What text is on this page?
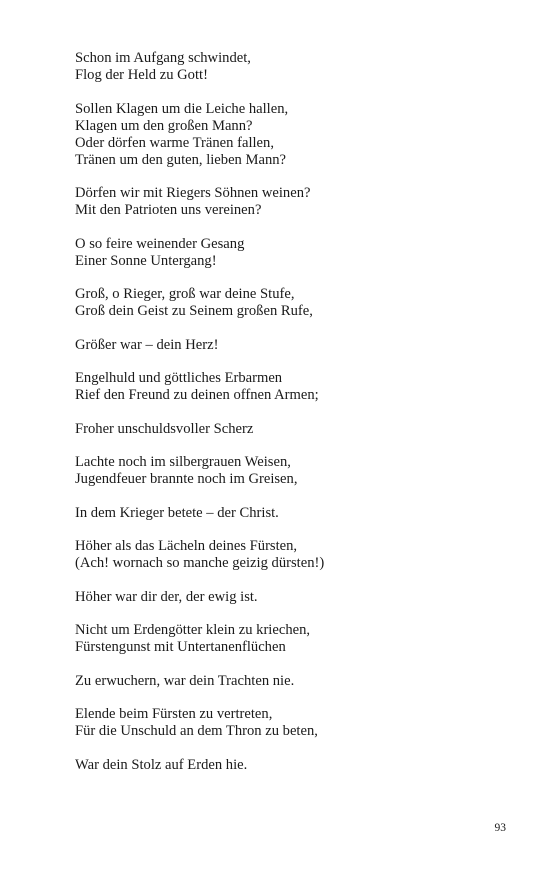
Schon im Aufgang schwindet,
Flog der Held zu Gott!
Sollen Klagen um die Leiche hallen,
Klagen um den großen Mann?
Oder dörfen warme Tränen fallen,
Tränen um den guten, lieben Mann?
Dörfen wir mit Riegers Söhnen weinen?
Mit den Patrioten uns vereinen?
O so feire weinender Gesang
Einer Sonne Untergang!
Groß, o Rieger, groß war deine Stufe,
Groß dein Geist zu Seinem großen Rufe,
Größer war – dein Herz!
Engelhuld und göttliches Erbarmen
Rief den Freund zu deinen offnen Armen;
Froher unschuldsvoller Scherz
Lachte noch im silbergrauen Weisen,
Jugendfeuer brannte noch im Greisen,
In dem Krieger betete – der Christ.
Höher als das Lächeln deines Fürsten,
(Ach! wornach so manche geizig dürsten!)
Höher war dir der, der ewig ist.
Nicht um Erdengötter klein zu kriechen,
Fürstengunst mit Untertanenflüchen
Zu erwuchern, war dein Trachten nie.
Elende beim Fürsten zu vertreten,
Für die Unschuld an dem Thron zu beten,
War dein Stolz auf Erden hie.
93
